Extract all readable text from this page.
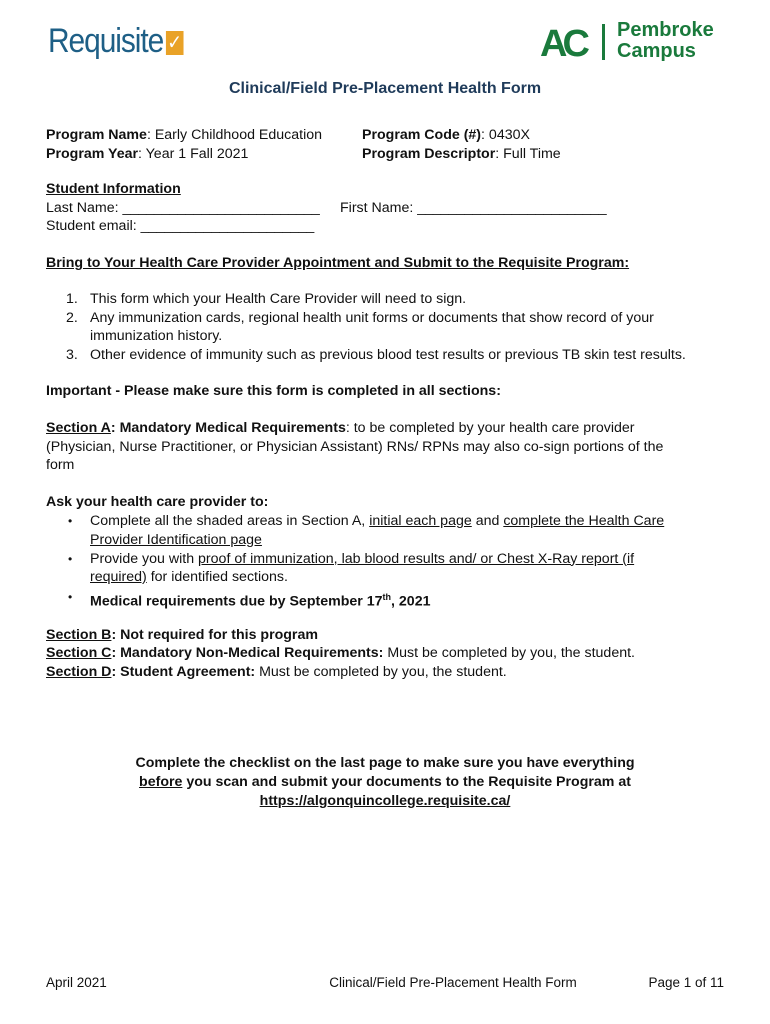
Requisite ✓	AC Pembroke
Campus
Clinical/Field Pre-Placement Health Form
Program Name: Early Childhood Education
Program Year: Year 1 Fall 2021
Program Code (#): 0430X
Program Descriptor: Full Time
Student Information
Last Name: _________________________ First Name: ________________________
Student email: ______________________
Bring to Your Health Care Provider Appointment and Submit to the Requisite Program:
1. This form which your Health Care Provider will need to sign.
2. Any immunization cards, regional health unit forms or documents that show record of your
immunization history.
3. Other evidence of immunity such as previous blood test results or previous TB skin test results.
Important - Please make sure this form is completed in all sections:
Section A: Mandatory Medical Requirements: to be completed by your health care provider
(Physician, Nurse Practitioner, or Physician Assistant) RNs/ RPNs may also co-sign portions of the
form
Ask your health care provider to:
• Complete all the shaded areas in Section A, initial each page and complete the Health Care
Provider Identification page
• Provide you with proof of immunization, lab blood results and/ or Chest X-Ray report (if
required) for identified sections.
• Medical requirements due by September 17th, 2021
Section B: Not required for this program
Section C: Mandatory Non-Medical Requirements: Must be completed by you, the student.
Section D: Student Agreement: Must be completed by you, the student.
Complete the checklist on the last page to make sure you have everything
before you scan and submit your documents to the Requisite Program at
https://algonquincollege.requisite.ca/
April 2021	Clinical/Field Pre-Placement Health Form	Page 1 of 11
